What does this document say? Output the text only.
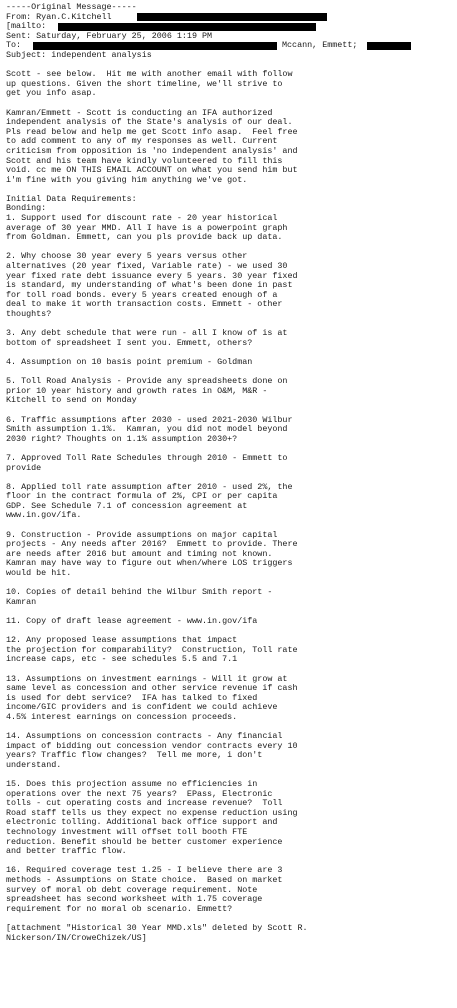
-----Original Message-----

From: Ryan.C.Kitchell

[mailto:

Sent: Saturday, February 25, 2006 1:19 PM

To:

	Mccann, Emmett;

Subject: independent analysis
Scott - see below.  Hit me with another email with follow
up questions. Given the short timeline, we'll strive to
get you info asap.
Kamran/Emmett - Scott is conducting an IFA authorized
independent analysis of the State's analysis of our deal.
Pls read below and help me get Scott info asap.  Feel free
to add comment to any of my responses as well. Current
criticism from opposition is 'no independent analysis' and
Scott and his team have kindly volunteered to fill this
void. cc me ON THIS EMAIL ACCOUNT on what you send him but
i'm fine with you giving him anything we've got.
Initial Data Requirements:
Bonding:
1. Support used for discount rate - 20 year historical
average of 30 year MMD. All I have is a powerpoint graph
from Goldman. Emmett, can you pls provide back up data.
2. Why choose 30 year every 5 years versus other
alternatives (20 year fixed, Variable rate) - we used 30
year fixed rate debt issuance every 5 years. 30 year fixed
is standard, my understanding of what's been done in past
for toll road bonds. every 5 years created enough of a
deal to make it worth transaction costs. Emmett - other
thoughts?
3. Any debt schedule that were run - all I know of is at
bottom of spreadsheet I sent you. Emmett, others?
4. Assumption on 10 basis point premium - Goldman
5. Toll Road Analysis - Provide any spreadsheets done on
prior 10 year history and growth rates in O&M, M&R -
Kitchell to send on Monday
6. Traffic assumptions after 2030 - used 2021-2030 Wilbur
Smith assumption 1.1%.  Kamran, you did not model beyond
2030 right? Thoughts on 1.1% assumption 2030+?
7. Approved Toll Rate Schedules through 2010 - Emmett to
provide
8. Applied toll rate assumption after 2010 - used 2%, the
floor in the contract formula of 2%, CPI or per capita
GDP. See Schedule 7.1 of concession agreement at
www.in.gov/ifa.
9. Construction - Provide assumptions on major capital
projects - Any needs after 2016?  Emmett to provide. There
are needs after 2016 but amount and timing not known.
Kamran may have way to figure out when/where LOS triggers
would be hit.
10. Copies of detail behind the Wilbur Smith report -
Kamran
11. Copy of draft lease agreement - www.in.gov/ifa
12. Any proposed lease assumptions that impact
the projection for comparability?  Construction, Toll rate
increase caps, etc - see schedules 5.5 and 7.1
13. Assumptions on investment earnings - Will it grow at
same level as concession and other service revenue if cash
is used for debt service?  IFA has talked to fixed
income/GIC providers and is confident we could achieve
4.5% interest earnings on concession proceeds.
14. Assumptions on concession contracts - Any financial
impact of bidding out concession vendor contracts every 10
years? Traffic flow changes?  Tell me more, i don't
understand.
15. Does this projection assume no efficiencies in
operations over the next 75 years?  EPass, Electronic
tolls - cut operating costs and increase revenue?  Toll
Road staff tells us they expect no expense reduction using
electronic tolling. Additional back office support and
technology investment will offset toll booth FTE
reduction. Benefit should be better customer experience
and better traffic flow.
16. Required coverage test 1.25 - I believe there are 3
methods - Assumptions on State choice.  Based on market
survey of moral ob debt coverage requirement. Note
spreadsheet has second worksheet with 1.75 coverage
requirement for no moral ob scenario. Emmett?
[attachment "Historical 30 Year MMD.xls" deleted by Scott R.
Nickerson/IN/CroweChizek/US]
